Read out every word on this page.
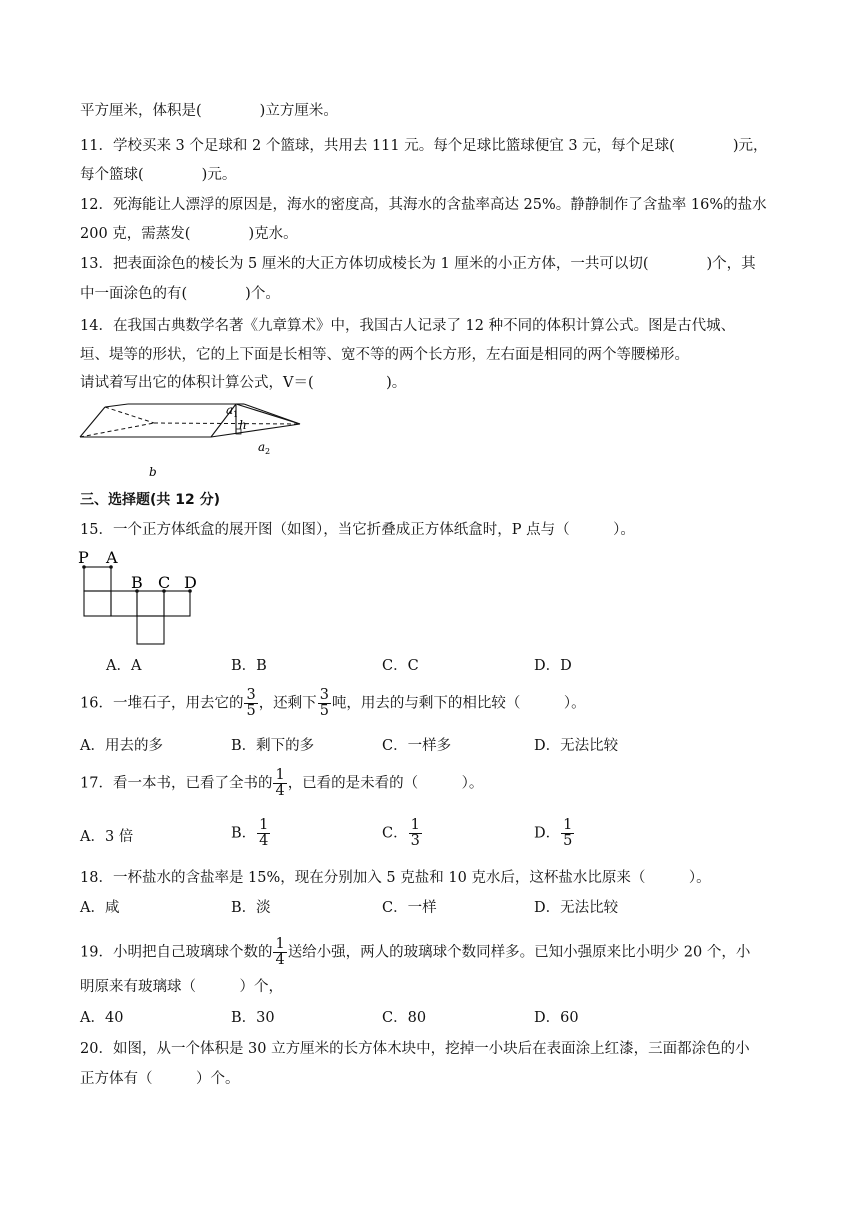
平方厘米，体积是(　　　　)立方厘米。
11．学校买来 3 个足球和 2 个篮球，共用去 111 元。每个足球比篮球便宜 3 元，每个足球(　　　　)元，
每个篮球(　　　　)元。
12．死海能让人漂浮的原因是，海水的密度高，其海水的含盐率高达 25%。静静制作了含盐率 16%的盐水
200 克，需蒸发(　　　　)克水。
13．把表面涂色的棱长为 5 厘米的大正方体切成棱长为 1 厘米的小正方体，一共可以切(　　　　)个，其
中一面涂色的有(　　　　)个。
14．在我国古典数学名著《九章算术》中，我国古人记录了 12 种不同的体积计算公式。图是古代城、
垣、堤等的形状，它的上下面是长相等、宽不等的两个长方形，左右面是相同的两个等腰梯形。
请试着写出它的体积计算公式，V＝(　　　　　)。
a 1
h
a 2
b
三、选择题(共 12 分)
15．一个正方体纸盒的展开图（如图），当它折叠成正方体纸盒时，P 点与（　　　）。
P A
B C D
A．A	B．B	C．C	D．D
16．一堆石子，用去它的 $\frac{3}{5}$ ，还剩下 $\frac{3}{5}$ 吨，用去的与剩下的相比较（　　　）。
A．用去的多	B．剩下的多	C．一样多	D．无法比较
17．看一本书，已看了全书的 $\frac{1}{4}$ ，已看的是未看的（　　　）。
A．3 倍	B． $\frac{1}{4}$	C． $\frac{1}{3}$	D． $\frac{1}{5}$
18．一杯盐水的含盐率是 15%，现在分别加入 5 克盐和 10 克水后，这杯盐水比原来（　　　）。
A．咸	B．淡	C．一样	D．无法比较
19．小明把自己玻璃球个数的 $\frac{1}{4}$ 送给小强，两人的玻璃球个数同样多。已知小强原来比小明少 20 个，小
明原来有玻璃球（　　　）个，
A．40	B．30	C．80	D．60
20．如图，从一个体积是 30 立方厘米的长方体木块中，挖掉一小块后在表面涂上红漆，三面都涂色的小
正方体有（　　　）个。
